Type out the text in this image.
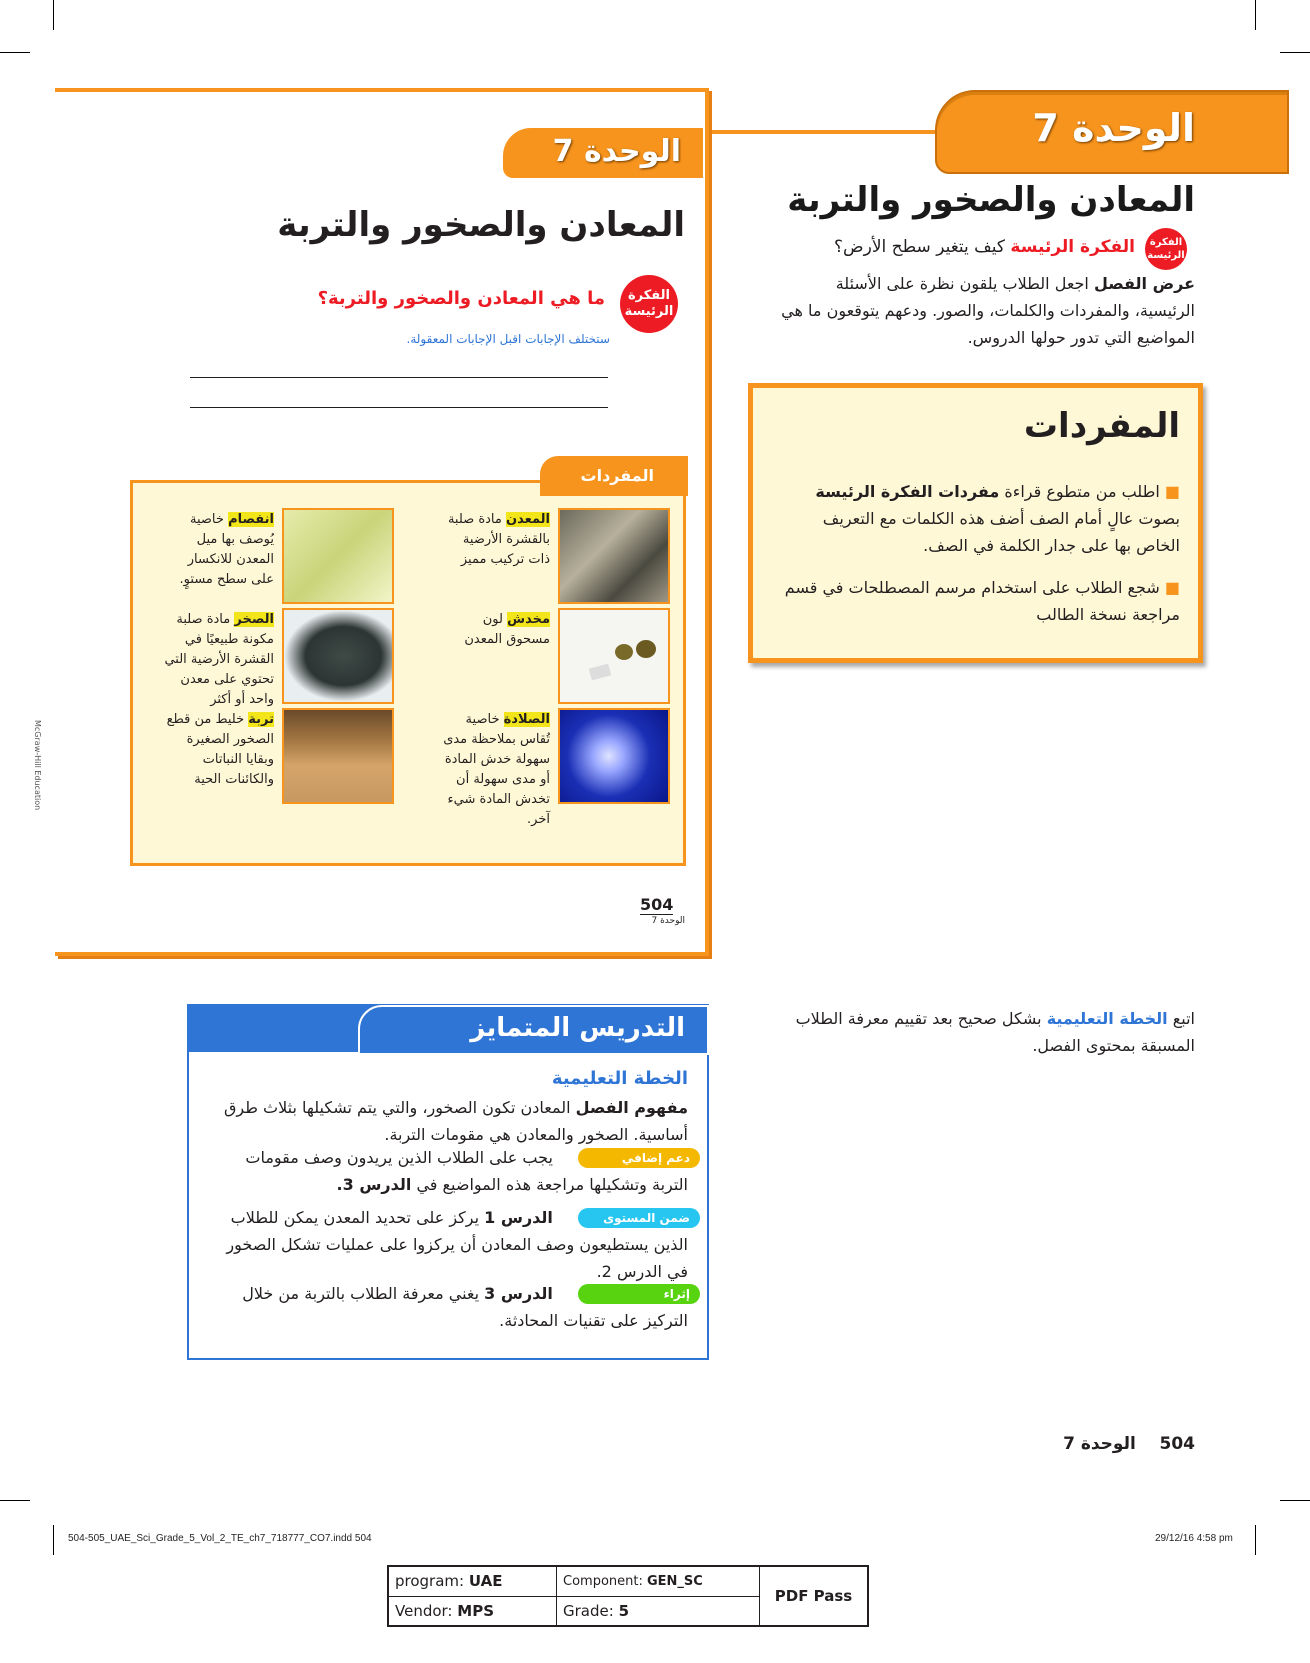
الوحدة 7
المعادن والصخور والتربة
الفكرة الرئيسة
الفكرة الرئيسة كيف يتغير سطح الأرض؟
عرض الفصل اجعل الطلاب يلقون نظرة على الأسئلة الرئيسية، والمفردات والكلمات، والصور. ودعهم يتوقعون ما هي المواضيع التي تدور حولها الدروس.
المفردات
■ اطلب من متطوع قراءة مفردات الفكرة الرئيسة بصوت عالٍ أمام الصف أضف هذه الكلمات مع التعريف الخاص بها على جدار الكلمة في الصف.
■ شجع الطلاب على استخدام مرسم المصطلحات في قسم مراجعة نسخة الطالب
اتبع الخطة التعليمية بشكل صحيح بعد تقييم معرفة الطلاب المسبقة بمحتوى الفصل.
الوحدة 7
المعادن والصخور والتربة
الفكرة الرئيسة
ما هي المعادن والصخور والتربة؟
ستختلف الإجابات اقبل الإجابات المعقولة.
المفردات
المعدن مادة صلبة بالقشرة الأرضية ذات تركيب مميز
انفصام خاصية يُوصف بها ميل المعدن للانكسار على سطح مستوٍ.
مخدش لون مسحوق المعدن
الصخر مادة صلبة مكونة طبيعيًا في القشرة الأرضية التي تحتوي على معدن واحد أو أكثر
الصلادة خاصية تُقاس بملاحظة مدى سهولة خدش المادة أو مدى سهولة أن تخدش المادة شيء آخر.
تربة خليط من قطع الصخور الصغيرة وبقايا النباتات والكائنات الحية
504
الوحدة 7
McGraw-Hill Education
التدريس المتمايز
الخطة التعليمية
مفهوم الفصل المعادن تكون الصخور، والتي يتم تشكيلها بثلاث طرق أساسية. الصخور والمعادن هي مقومات التربة.
دعم إضافي
يجب على الطلاب الذين يريدون وصف مقومات التربة وتشكيلها مراجعة هذه المواضيع في الدرس 3.
ضمن المستوى
الدرس 1 يركز على تحديد المعدن يمكن للطلاب الذين يستطيعون وصف المعادن أن يركزوا على عمليات تشكل الصخور في الدرس 2.
إثراء
الدرس 3 يغني معرفة الطلاب بالتربة من خلال التركيز على تقنيات المحادثة.
504    الوحدة 7
504-505_UAE_Sci_Grade_5_Vol_2_TE_ch7_718777_CO7.indd 504	29/12/16 4:58 pm
program: UAE	Component: GEN_SC	PDF Pass
Vendor: MPS	Grade: 5	
